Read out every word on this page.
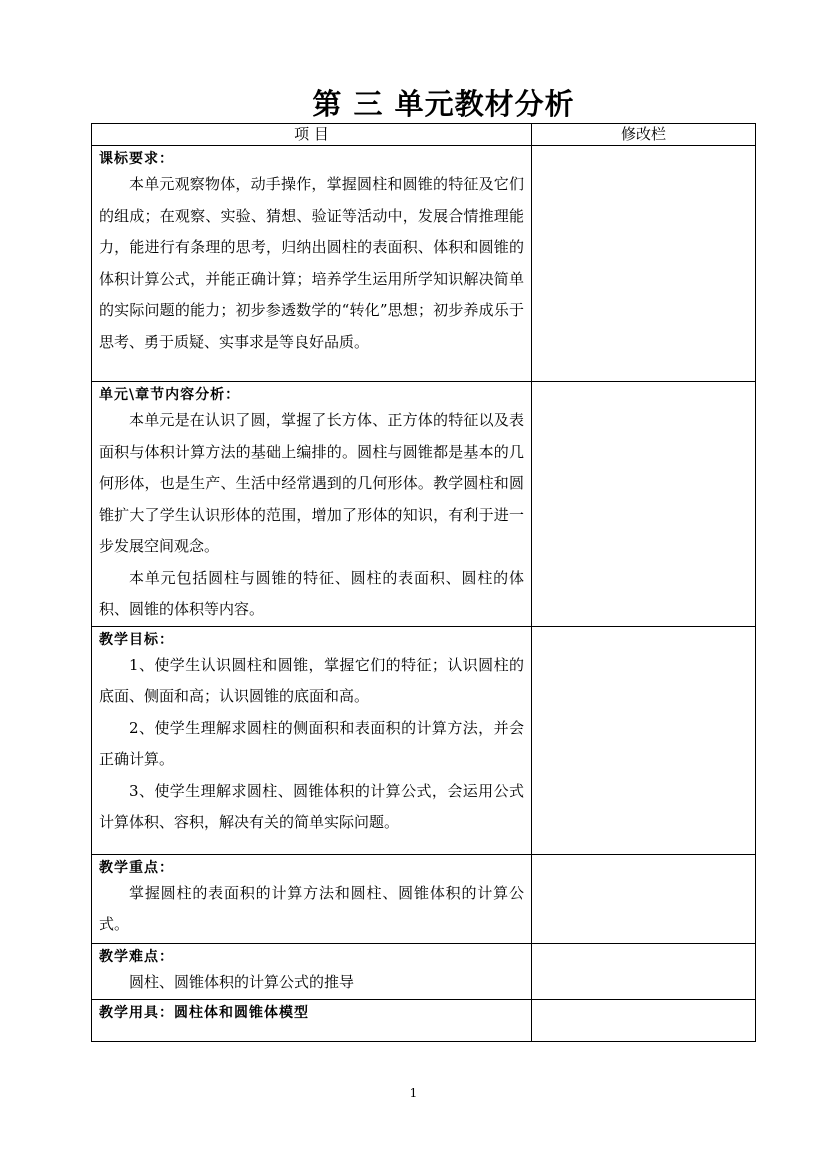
第 三 单元教材分析
项 目	修改栏

课标要求：

本单元观察物体，动手操作，掌握圆柱和圆锥的特征及它们的组成；在观察、实验、猜想、验证等活动中，发展合情推理能力，能进行有条理的思考，归纳出圆柱的表面积、体积和圆锥的体积计算公式，并能正确计算；培养学生运用所学知识解决简单的实际问题的能力；初步参透数学的“转化”思想；初步养成乐于思考、勇于质疑、实事求是等良好品质。	

单元\章节内容分析：

本单元是在认识了圆，掌握了长方体、正方体的特征以及表面积与体积计算方法的基础上编排的。圆柱与圆锥都是基本的几何形体，也是生产、生活中经常遇到的几何形体。教学圆柱和圆锥扩大了学生认识形体的范围，增加了形体的知识，有利于进一步发展空间观念。

本单元包括圆柱与圆锥的特征、圆柱的表面积、圆柱的体积、圆锥的体积等内容。	

教学目标：

1、使学生认识圆柱和圆锥，掌握它们的特征；认识圆柱的底面、侧面和高；认识圆锥的底面和高。

2、使学生理解求圆柱的侧面积和表面积的计算方法，并会正确计算。

3、使学生理解求圆柱、圆锥体积的计算公式，会运用公式计算体积、容积，解决有关的简单实际问题。	

教学重点：

掌握圆柱的表面积的计算方法和圆柱、圆锥体积的计算公式。	

教学难点：

圆柱、圆锥体积的计算公式的推导	

教学用具：圆柱体和圆锥体模型	

1
